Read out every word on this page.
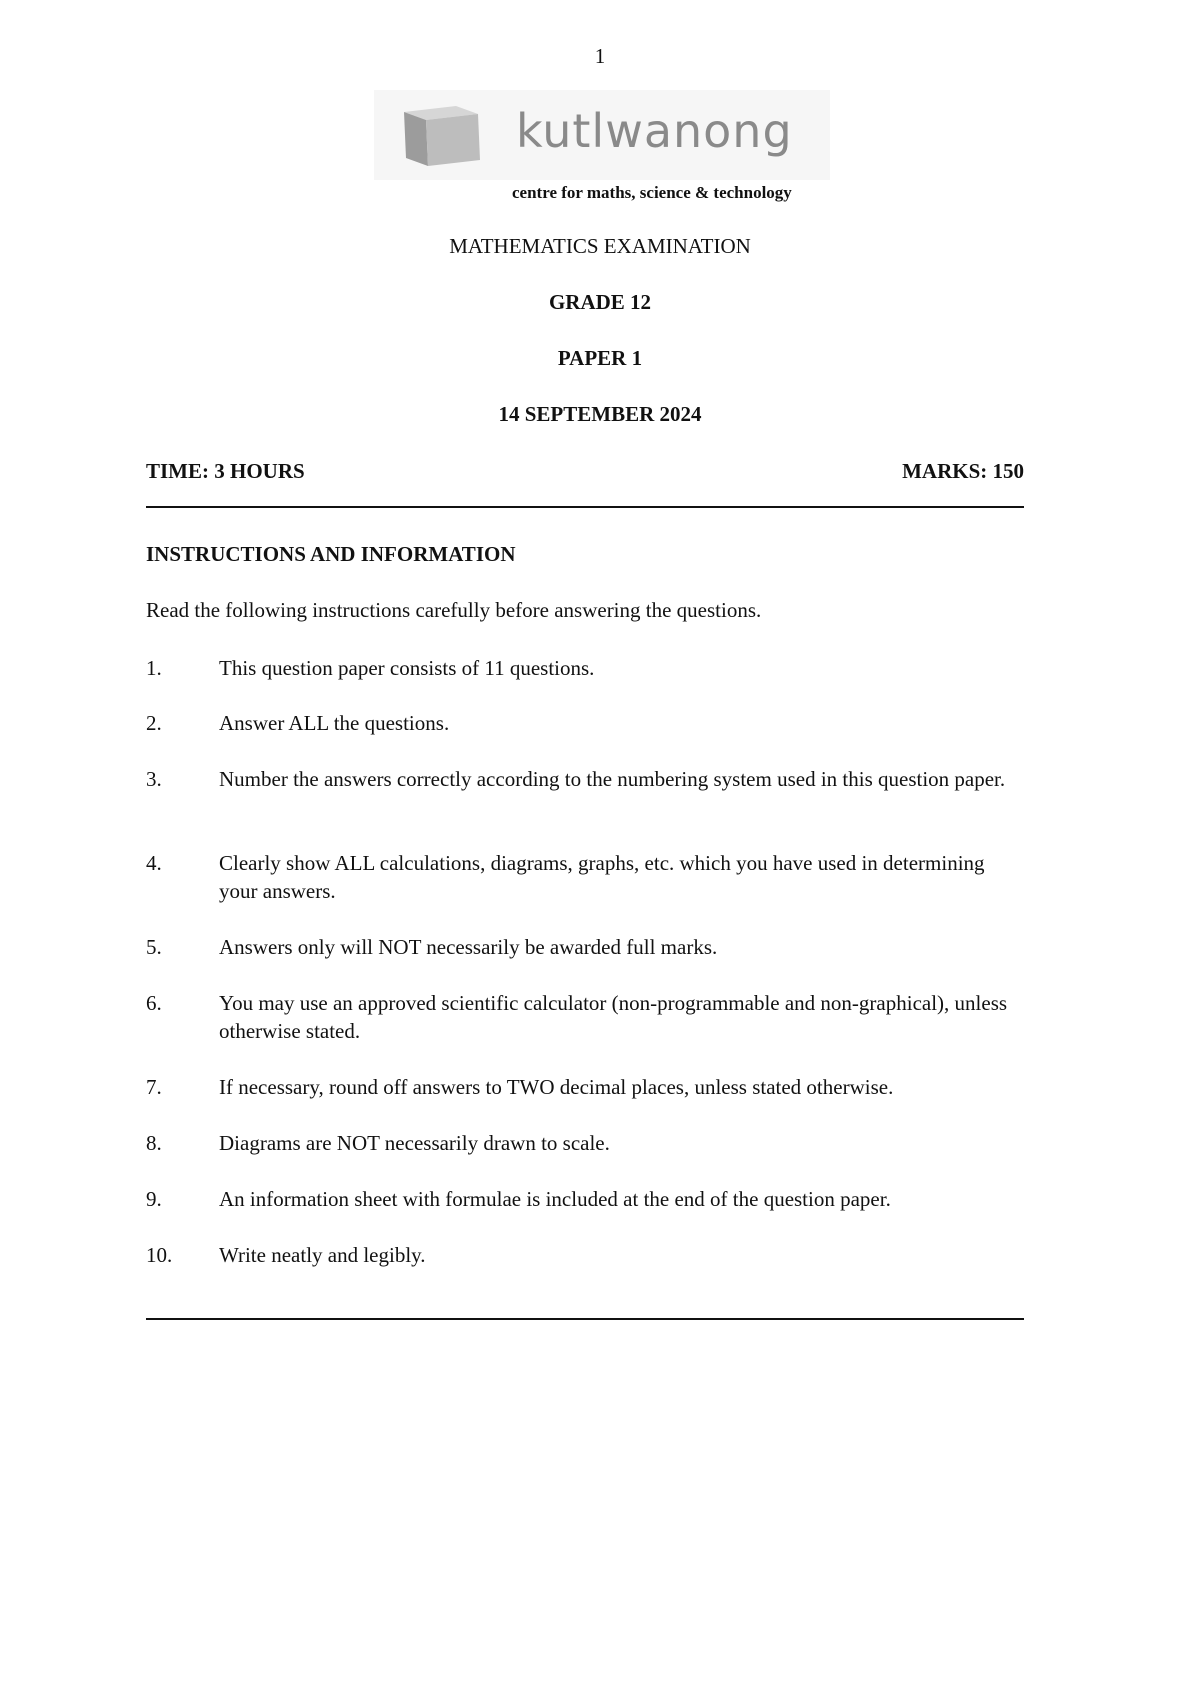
1
kutlwanong
centre for maths, science & technology
MATHEMATICS EXAMINATION
GRADE 12
PAPER 1
14 SEPTEMBER 2024
TIME: 3 HOURS	MARKS: 150
INSTRUCTIONS AND INFORMATION
Read the following instructions carefully before answering the questions.
1.	This question paper consists of 11 questions.
2.	Answer ALL the questions.
3.	Number the answers correctly according to the numbering system used in this question paper.
4.	Clearly show ALL calculations, diagrams, graphs, etc. which you have used in determining your answers.
5.	Answers only will NOT necessarily be awarded full marks.
6.	You may use an approved scientific calculator (non-programmable and non-graphical), unless otherwise stated.
7.	If necessary, round off answers to TWO decimal places, unless stated otherwise.
8.	Diagrams are NOT necessarily drawn to scale.
9.	An information sheet with formulae is included at the end of the question paper.
10. Write neatly and legibly.
